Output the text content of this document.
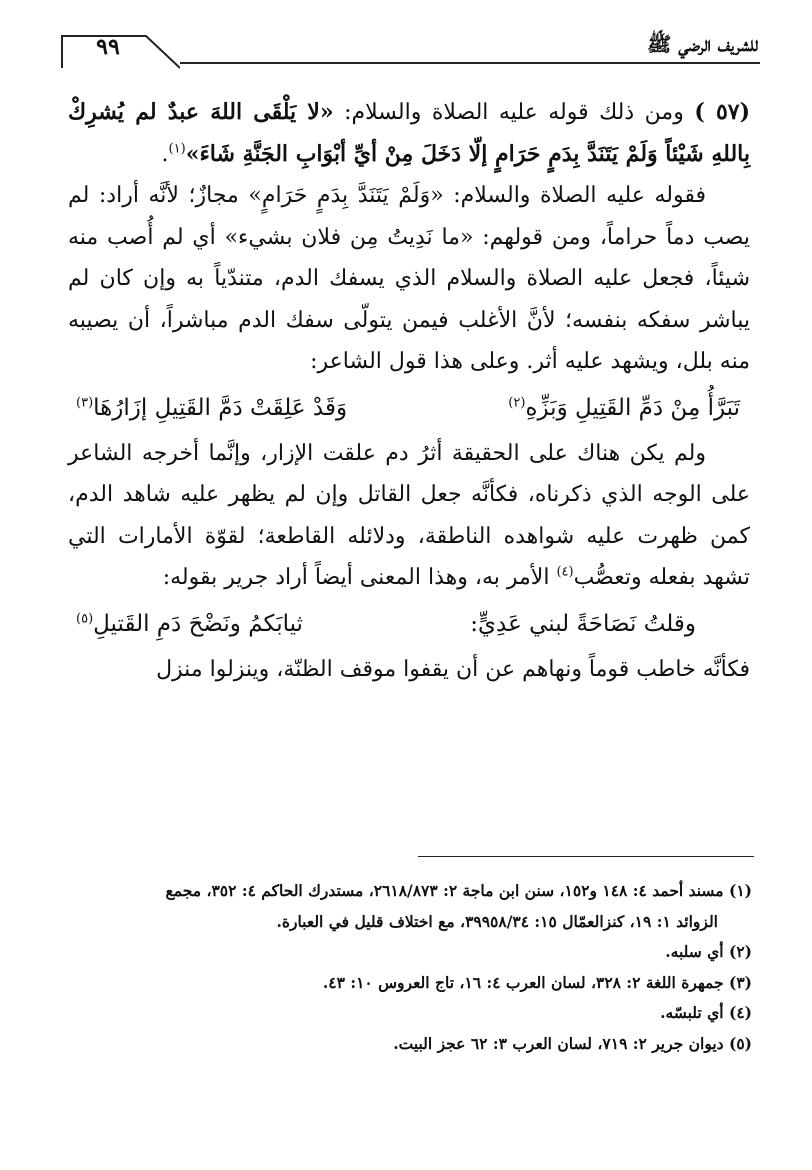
٩٩	للشريف الرضي ﷺ

(٥٧ ) ومن ذلك قوله عليه الصلاة والسلام: «لا يَلْقَى اللهَ عبدٌ لم يُشرِكْ بِاللهِ شَيْئاً وَلَمْ يَتَنَدَّ بِدَمٍ حَرَامٍ إلّا دَخَلَ مِنْ أيِّ أبْوَابِ الجَنَّةِ شَاءَ»$^{(١)}$.

فقوله عليه الصلاة والسلام: «وَلَمْ يَتَنَدَّ بِدَمٍ حَرَامٍ» مجازٌ؛ لأنَّه أراد: لم يصب دماً حراماً، ومن قولهم: «ما نَدِيتُ مِن فلان بشيء» أي لم أُصب منه شيئاً، فجعل عليه الصلاة والسلام الذي يسفك الدم، متندّياً به وإن كان لم يباشر سفكه بنفسه؛ لأنَّ الأغلب فيمن يتولّى سفك الدم مباشراً، أن يصيبه منه بلل، ويشهد عليه أثر. وعلى هذا قول الشاعر:

تَبَرَّأُ مِنْ دَمِّ القَتِيلِ وَبَزِّهِ$^{(٢)}$
وَقَدْ عَلِقَتْ دَمَّ القَتِيلِ إزَارُهَا$^{(٣)}$

ولم يكن هناك على الحقيقة أثرُ دم علقت الإزار، وإنَّما أخرجه الشاعر على الوجه الذي ذكرناه، فكأنَّه جعل القاتل وإن لم يظهر عليه شاهد الدم، كمن ظهرت عليه شواهده الناطقة، ودلائله القاطعة؛ لقوّة الأمارات التي تشهد بفعله وتعصُّب$^{(٤)}$ الأمر به، وهذا المعنى أيضاً أراد جرير بقوله:

وقلتُ نَصَاحَةً لبني عَدِيٍّ:
ثيابَكمُ ونَضْحَ دَمِ القَتيلِ$^{(٥)}$

فكأنَّه خاطب قوماً ونهاهم عن أن يقفوا موقف الظنّة، وينزلوا منزل

(١) مسند أحمد ٤: ١٤٨ و١٥٢، سنن ابن ماجة ٢: ٢٦١٨/٨٧٣، مستدرك الحاكم ٤: ٣٥٢، مجمع
الزوائد ١: ١٩، كنزالعمّال ١٥: ٣٩٩٥٨/٣٤، مع اختلاف قليل في العبارة.
(٢) أي سلبه.
(٣) جمهرة اللغة ٢: ٣٢٨، لسان العرب ٤: ١٦، تاج العروس ١٠: ٤٣.
(٤) أي تلبسّه.
(٥) ديوان جرير ٢: ٧١٩، لسان العرب ٣: ٦٢ عجز البيت.
